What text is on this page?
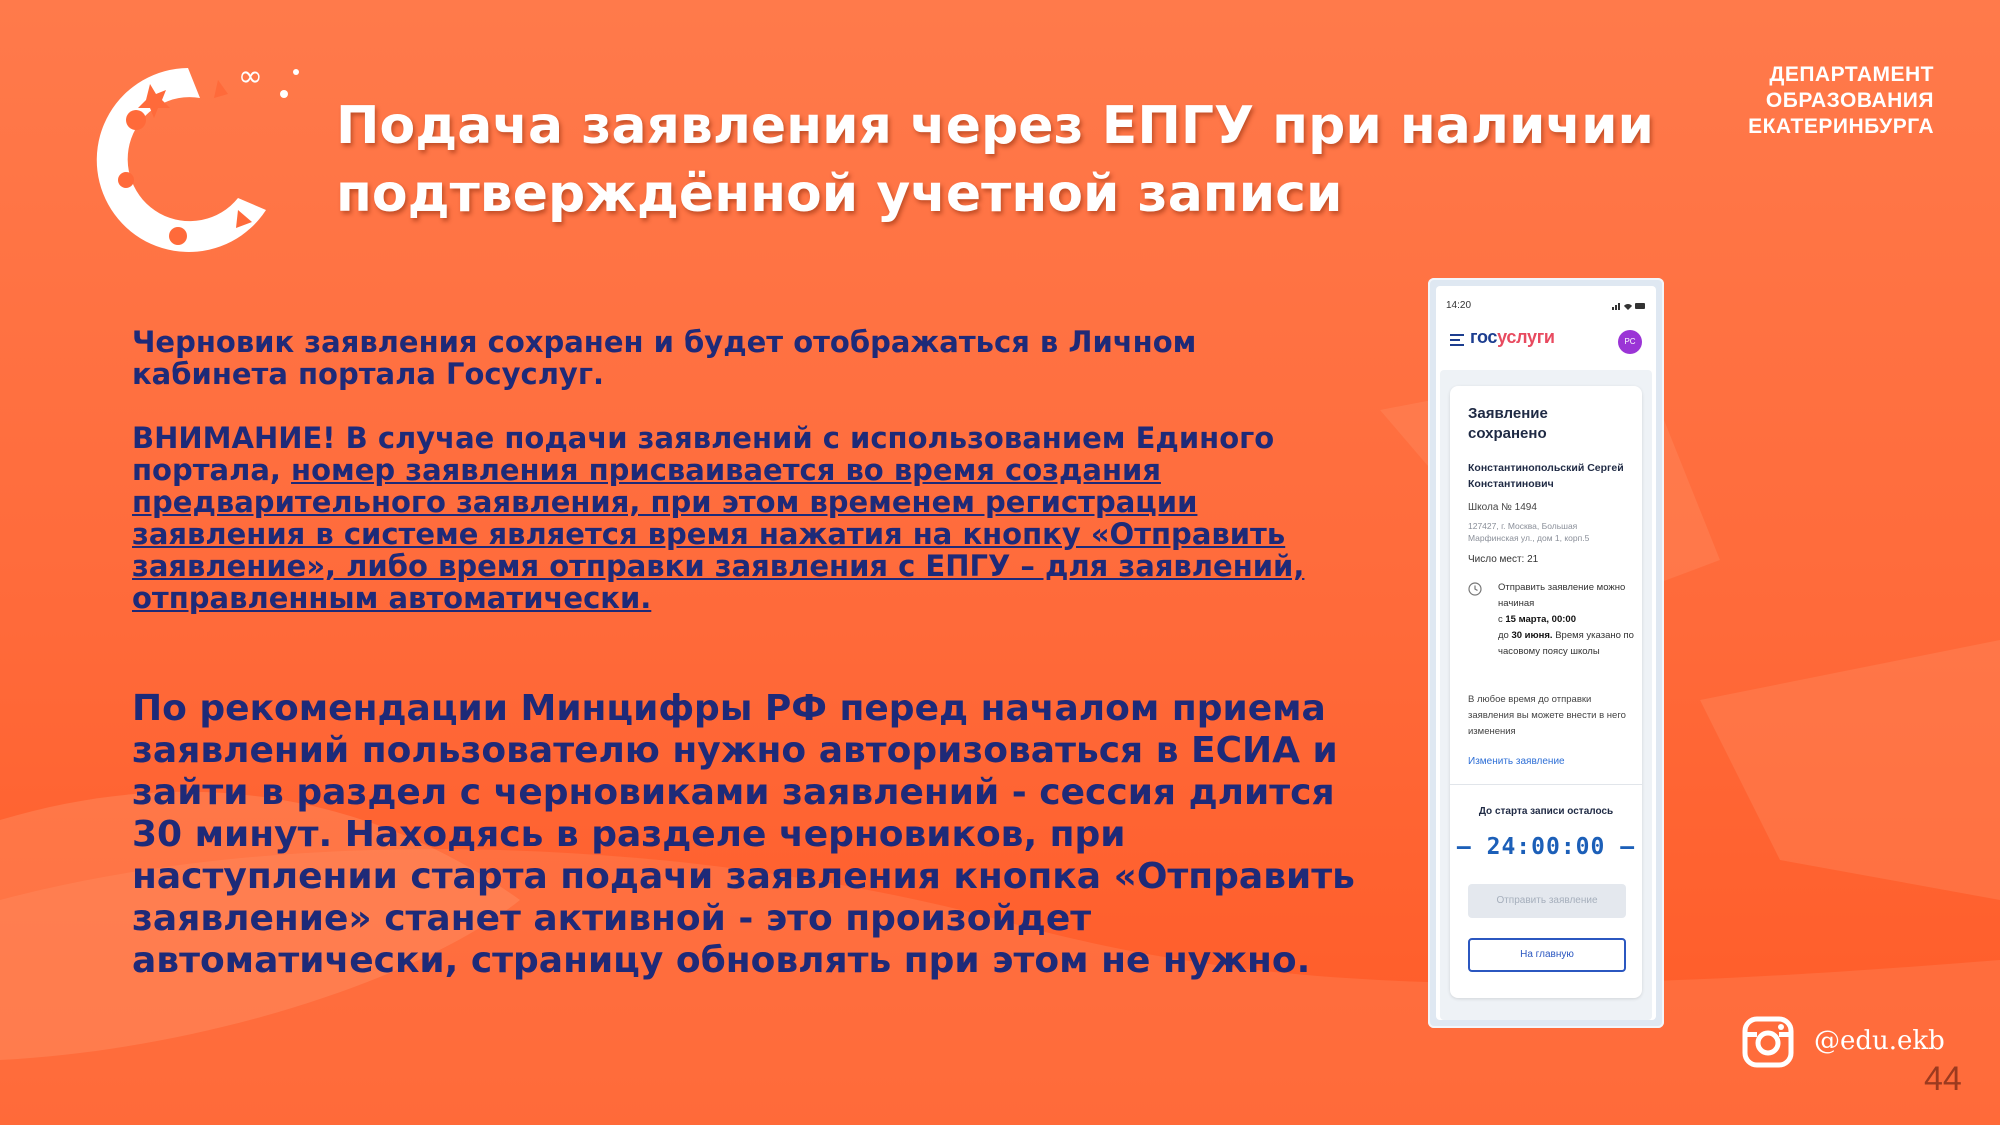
∞
Подача заявления через ЕПГУ при наличии
подтверждённой учетной записи
ДЕПАРТАМЕНТ
ОБРАЗОВАНИЯ
ЕКАТЕРИНБУРГА

Черновик заявления сохранен и будет отображаться в Личном кабинета портала Госуслуг.

ВНИМАНИЕ! В случае подачи заявлений с использованием Единого портала, номер заявления присваивается во время создания предварительного заявления, при этом временем регистрации заявления в системе является время нажатия на кнопку «Отправить заявление», либо время отправки заявления с ЕПГУ – для заявлений, отправленным автоматически.

По рекомендации Минцифры РФ перед началом приема заявлений пользователю нужно авторизоваться в ЕСИА и зайти в раздел с черновиками заявлений - сессия длится 30 минут. Находясь в разделе черновиков, при наступлении старта подачи заявления кнопка «Отправить заявление» станет активной - это произойдет автоматически, страницу обновлять при этом не нужно.

14:20
госуслуги	РС
Заявление сохранено
Константинопольский Сергей Константинович
Школа № 1494
127427, г. Москва, Большая Марфинская ул., дом 1, корп.5
Число мест: 21
Отправить заявление можно начиная
с 15 марта, 00:00
до 30 июня. Время указано по часовому поясу школы
В любое время до отправки заявления вы можете внести в него изменения
Изменить заявление
До старта записи осталось
— 24:00:00 —
Отправить заявление
На главную
@edu.ekb
44
